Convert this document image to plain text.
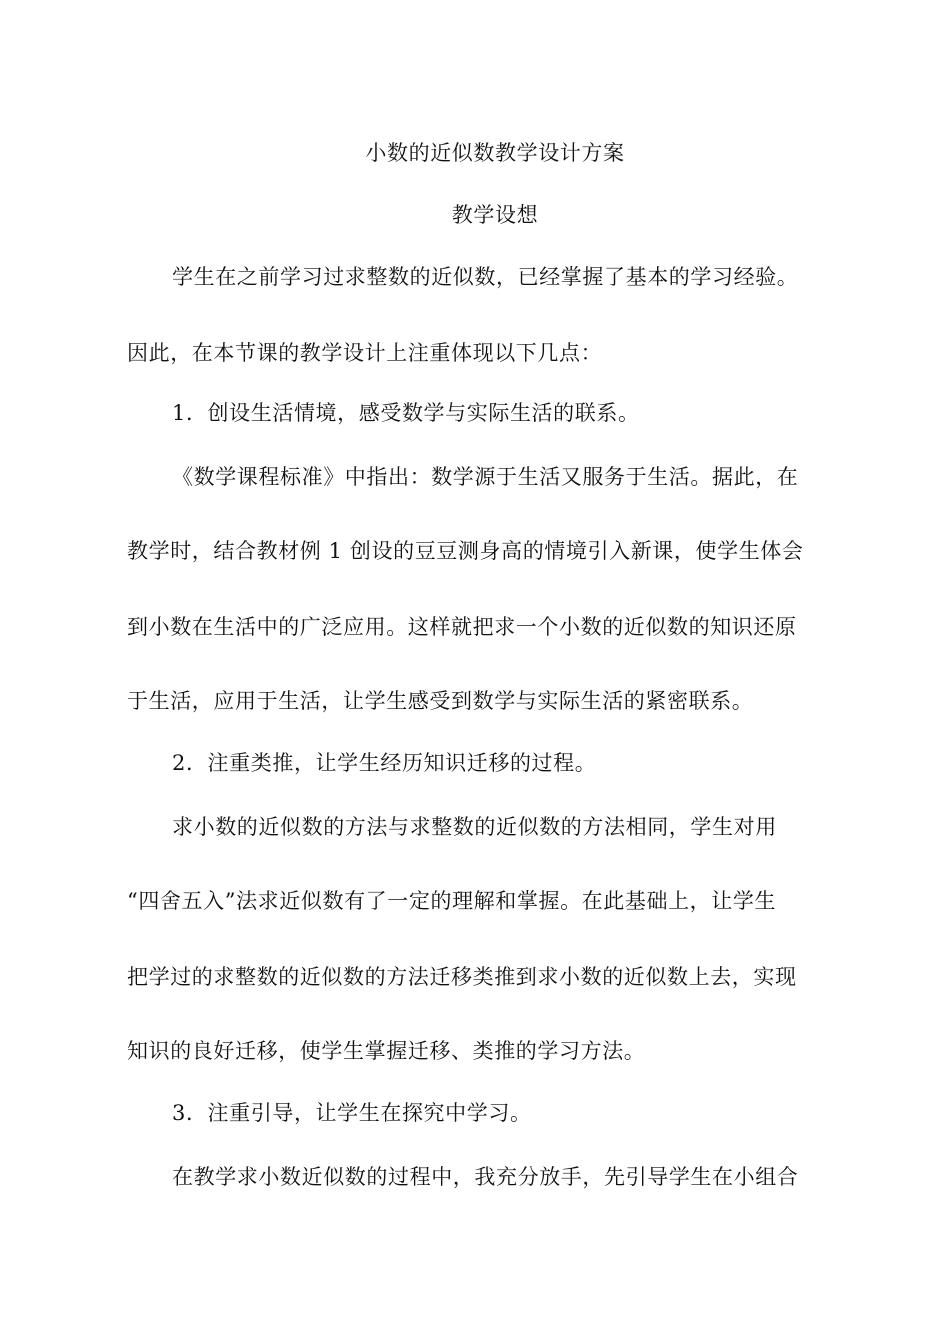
小数的近似数教学设计方案
教学设想
学生在之前学习过求整数的近似数，已经掌握了基本的学习经验。
因此，在本节课的教学设计上注重体现以下几点：
1．创设生活情境，感受数学与实际生活的联系。
《数学课程标准》中指出：数学源于生活又服务于生活。据此，在
教学时，结合教材例 1 创设的豆豆测身高的情境引入新课，使学生体会
到小数在生活中的广泛应用。这样就把求一个小数的近似数的知识还原
于生活，应用于生活，让学生感受到数学与实际生活的紧密联系。
2．注重类推，让学生经历知识迁移的过程。
求小数的近似数的方法与求整数的近似数的方法相同，学生对用
“四舍五入”法求近似数有了一定的理解和掌握。在此基础上，让学生
把学过的求整数的近似数的方法迁移类推到求小数的近似数上去，实现
知识的良好迁移，使学生掌握迁移、类推的学习方法。
3．注重引导，让学生在探究中学习。
在教学求小数近似数的过程中，我充分放手，先引导学生在小组合
